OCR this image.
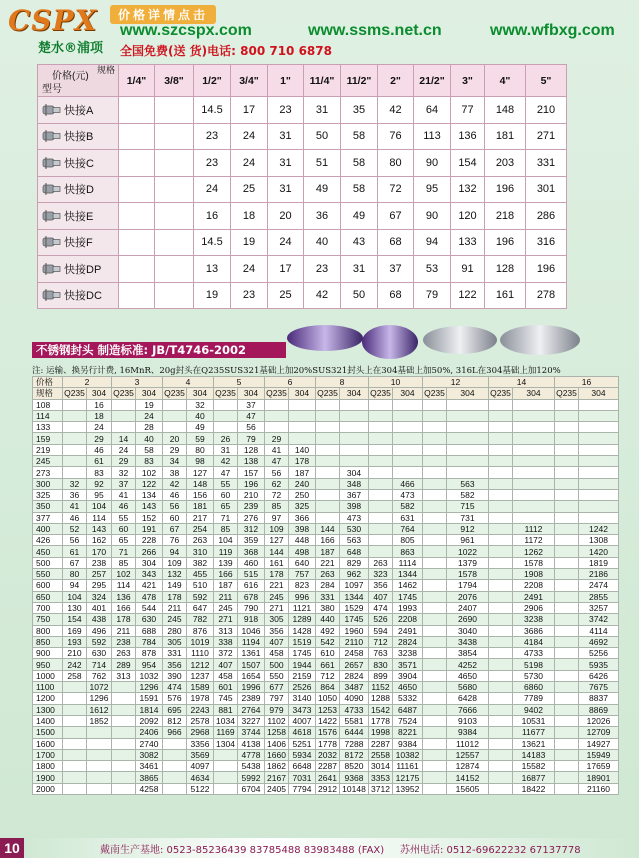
CSPX
楚水®浦项
价格详情点击
www.szcspx.com	www.ssms.net.cn	www.wfbxg.com
全国免费(送 货)电话: 800 710 6878
价格(元)
规格
型号	1/4"	3/8"	1/2"	3/4"	1"	11/4"	11/2"	2"	21/2"	3"	4"	5"
快接A			14.5	17	23	31	35	42	64	77	148	210
快接B			23	24	31	50	58	76	113	136	181	271
快接C			23	24	31	51	58	80	90	154	203	331
快接D			24	25	31	49	58	72	95	132	196	301
快接E			16	18	20	36	49	67	90	120	218	286
快接F			14.5	19	24	40	43	68	94	133	196	316
快接DP			13	24	17	23	31	37	53	91	128	196
快接DC			19	23	25	42	50	68	79	122	161	278
不锈钢封头 制造标准: JB/T4746-2002
注: 运输、换另行计费, 16MnR、20g封头在Q235SUS321基础上加20%SUS321封头上在304基础上加50%, 316L在304基础上加120%
价格	2		3		4		5		6		8		10		12		14		16	
规格	Q235	304	Q235	304	Q235	304	Q235	304	Q235	304	Q235	304	Q235	304	Q235	304	Q235	304	Q235	304
108		16		19		32		37												
114		18		24		40		47												
133		24		28		49		56												
159		29	14	40	20	59	26	79	29											
219		46	24	58	29	80	31	128	41	140										
245		61	29	83	34	98	42	138	47	178										
273		83	32	102	38	127	47	157	56	187		304								
300	32	92	37	122	42	148	55	196	62	240		348		466		563				
325	36	95	41	134	46	156	60	210	72	250		367		473		582				
350	41	104	46	143	56	181	65	239	85	325		398		582		715				
377	46	114	55	152	60	217	71	276	97	366		473		631		731				
400	52	143	60	191	67	254	85	312	109	398	144	530		764		912		1112		1242
426	56	162	65	228	76	263	104	359	127	448	166	563		805		961		1172		1308
450	61	170	71	266	94	310	119	368	144	498	187	648		863		1022		1262		1420
500	67	238	85	304	109	382	139	460	161	640	221	829	263	1114		1379		1578		1819
550	80	257	102	343	132	455	166	515	178	757	263	962	323	1344		1578		1908		2186
600	94	295	114	421	149	510	187	616	221	823	284	1097	356	1462		1794		2208		2474
650	104	324	136	478	178	592	211	678	245	996	331	1344	407	1745		2076		2491		2855
700	130	401	166	544	211	647	245	790	271	1121	380	1529	474	1993		2407		2906		3257
750	154	438	178	630	245	782	271	918	305	1289	440	1745	526	2208		2690		3238		3742
800	169	496	211	688	280	876	313	1046	356	1428	492	1960	594	2491		3040		3686		4114
850	193	592	238	784	305	1019	338	1194	407	1519	542	2110	712	2824		3438		4184		4692
900	210	630	263	878	331	1110	372	1361	458	1745	610	2458	763	3238		3854		4733		5256
950	242	714	289	954	356	1212	407	1507	500	1944	661	2657	830	3571		4252		5198		5935
1000	258	762	313	1032	390	1237	458	1654	550	2159	712	2824	899	3904		4650		5730		6426
1100		1072		1296	474	1589	601	1996	677	2526	864	3487	1152	4650		5680		6860		7675
1200		1296		1591	576	1978	745	2389	797	3140	1050	4090	1288	5332		6428		7789		8837
1300		1612		1814	695	2243	881	2764	979	3473	1253	4733	1542	6487		7666		9402		8869
1400		1852		2092	812	2578	1034	3227	1102	4007	1422	5581	1778	7524		9103		10531		12026
1500				2406	966	2968	1169	3744	1258	4618	1576	6444	1998	8221		9384		11677		12709
1600				2740		3356	1304	4138	1406	5251	1778	7288	2287	9384		11012		13621		14927
1700				3082		3569		4778	1660	5934	2032	8172	2558	10382		12557		14183		15949
1800				3461		4097		5438	1862	6648	2287	8520	3014	11161		12874		15582		17659
1900				3865		4634		5992	2167	7031	2641	9368	3353	12175		14152		16877		18901
2000				4258		5122		6704	2405	7794	2912	10148	3712	13952		15605		18422		21160
10	戴南生产基地: 0523-85236439 83785488 83983488 (FAX) 苏州电话: 0512-69622232 67137778
